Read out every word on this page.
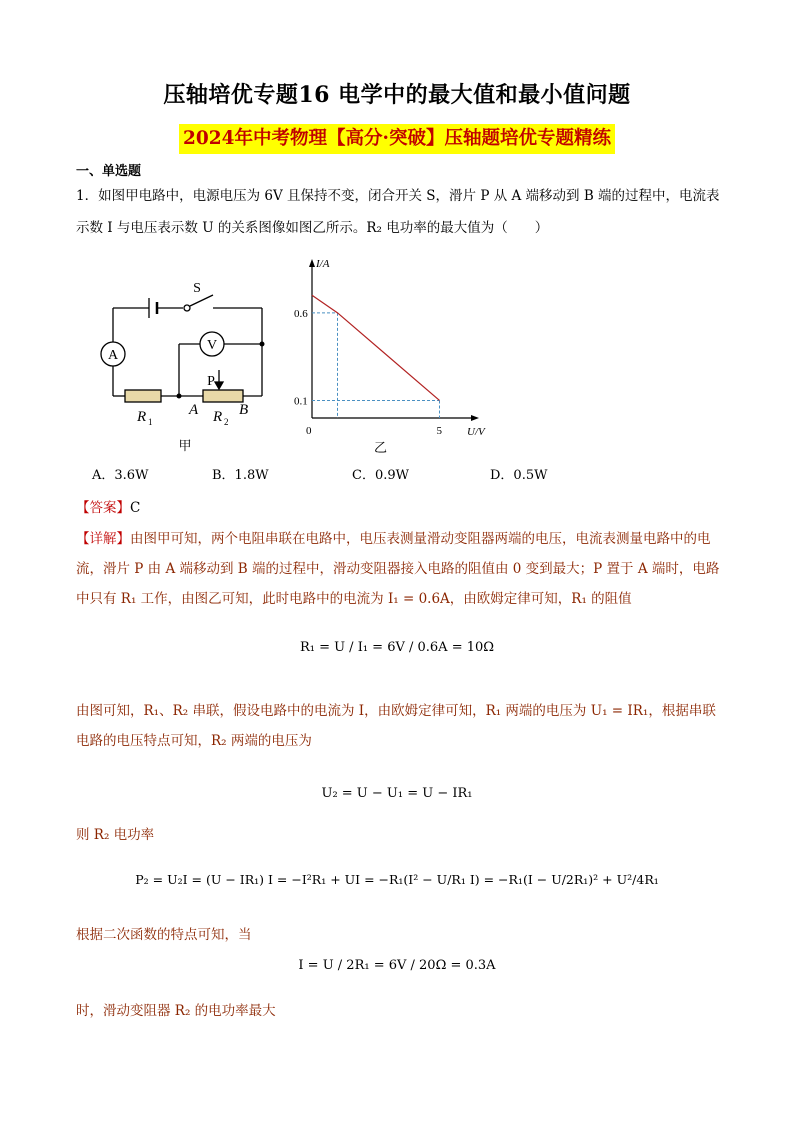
压轴培优专题16 电学中的最大值和最小值问题
2024年中考物理【高分·突破】压轴题培优专题精练
一、单选题
1．如图甲电路中，电源电压为 6V 且保持不变，闭合开关 S，滑片 P 从 A 端移动到 B 端的过程中，电流表
示数 I 与电压表示数 U 的关系图像如图乙所示。R₂ 电功率的最大值为（　　）
A
V
S
P
R 1
A R 2
B
甲
I/A
U/V
0
0.6
0.1
5
乙
A．3.6W	B．1.8W	C．0.9W	D．0.5W
【答案】C
【详解】由图甲可知，两个电阻串联在电路中，电压表测量滑动变阻器两端的电压，电流表测量电路中的电流，滑片 P 由 A 端移动到 B 端的过程中，滑动变阻器接入电路的阻值由 0 变到最大；P 置于 A 端时，电路中只有 R₁ 工作，由图乙可知，此时电路中的电流为 I₁ = 0.6A，由欧姆定律可知，R₁ 的阻值
R₁ = U / I₁ = 6V / 0.6A = 10Ω
由图可知，R₁、R₂ 串联，假设电路中的电流为 I，由欧姆定律可知，R₁ 两端的电压为 U₁ = IR₁，根据串联电路的电压特点可知，R₂ 两端的电压为
U₂ = U − U₁ = U − IR₁
则 R₂ 电功率
P₂ = U₂I = (U − IR₁) I = −I²R₁ + UI = −R₁(I² − U/R₁ I) = −R₁(I − U/2R₁)² + U²/4R₁
根据二次函数的特点可知，当
I = U / 2R₁ = 6V / 20Ω = 0.3A
时，滑动变阻器 R₂ 的电功率最大
